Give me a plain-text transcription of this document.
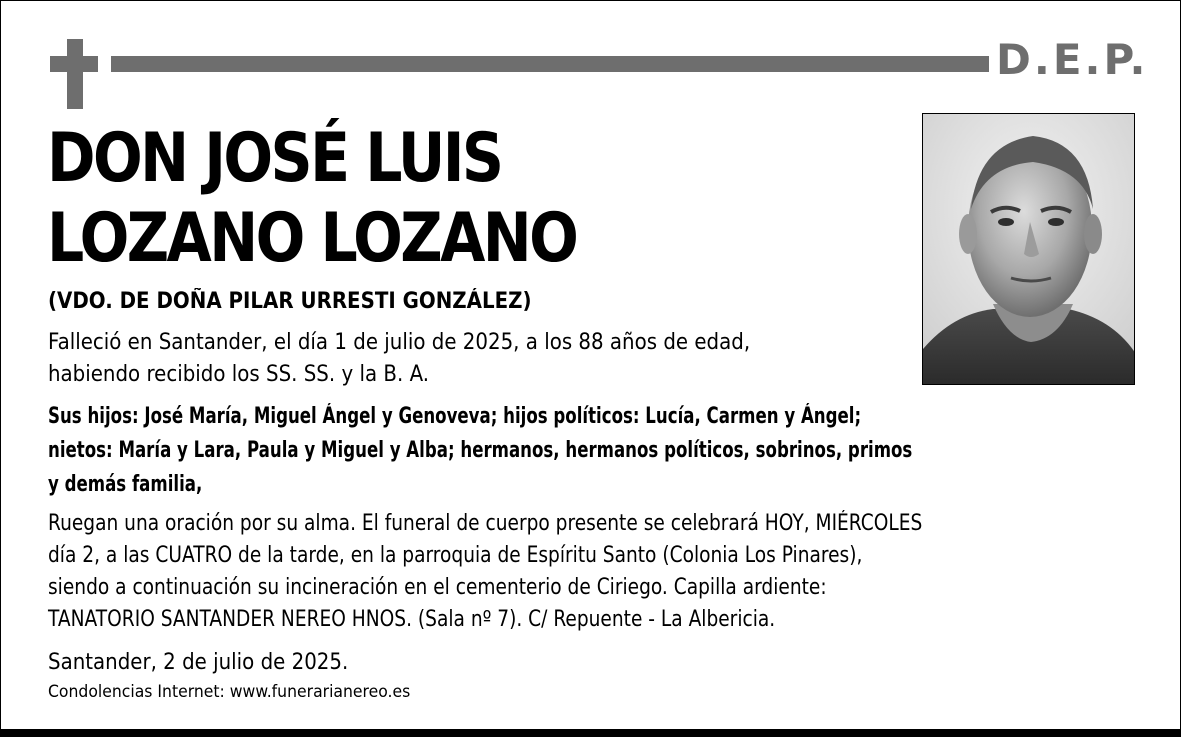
D.E.P.
DON JOSÉ LUIS
LOZANO LOZANO
(VDO. DE DOÑA PILAR URRESTI GONZÁLEZ)
Falleció en Santander, el día 1 de julio de 2025, a los 88 años de edad,
habiendo recibido los SS. SS. y la B. A.
Sus hijos: José María, Miguel Ángel y Genoveva; hijos políticos: Lucía, Carmen y Ángel;
nietos: María y Lara, Paula y Miguel y Alba; hermanos, hermanos políticos, sobrinos, primos
y demás familia,
Ruegan una oración por su alma. El funeral de cuerpo presente se celebrará HOY, MIÉRCOLES
día 2, a las CUATRO de la tarde, en la parroquia de Espíritu Santo (Colonia Los Pinares),
siendo a continuación su incineración en el cementerio de Ciriego. Capilla ardiente:
TANATORIO SANTANDER NEREO HNOS. (Sala nº 7). C/ Repuente - La Albericia.
Santander, 2 de julio de 2025.
Condolencias Internet: www.funerarianereo.es
